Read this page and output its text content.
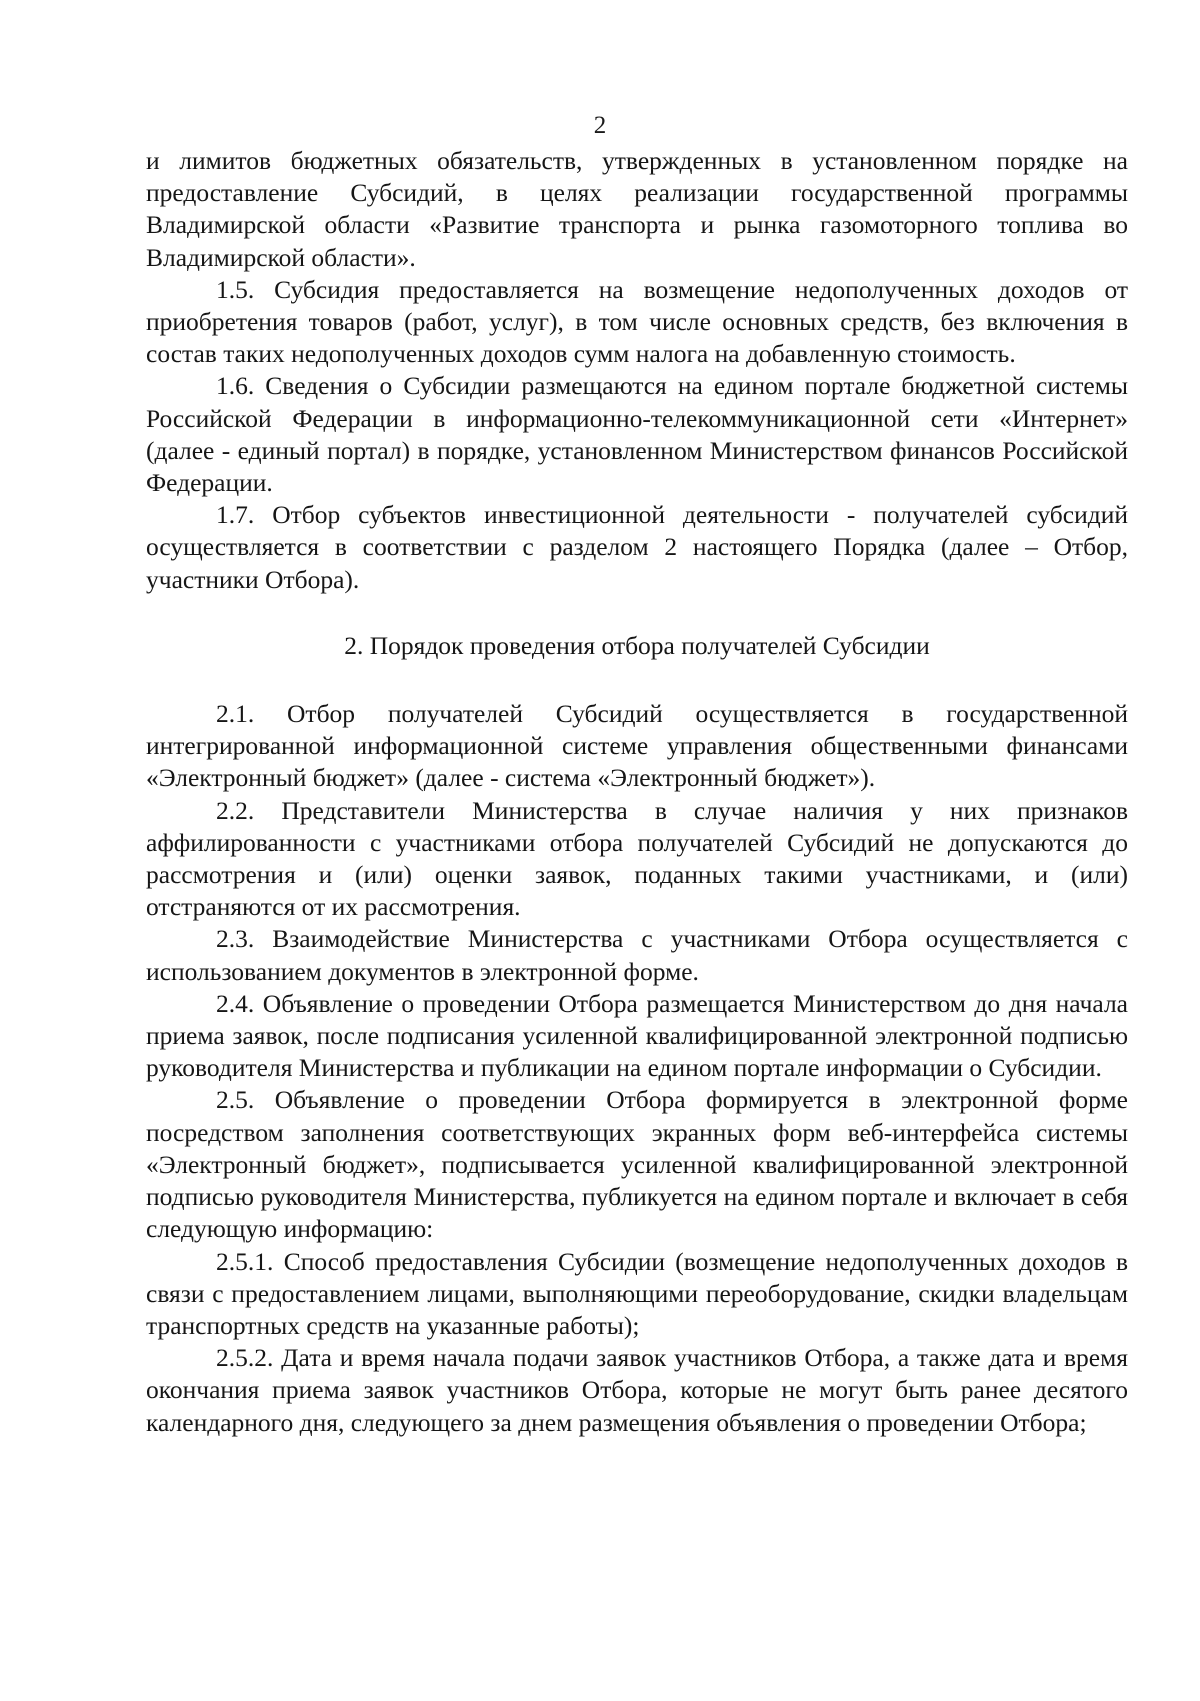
2

и лимитов бюджетных обязательств, утвержденных в установленном порядке на предоставление Субсидий, в целях реализации государственной программы Владимирской области «Развитие транспорта и рынка газомоторного топлива во Владимирской области».

1.5. Субсидия предоставляется на возмещение недополученных доходов от приобретения товаров (работ, услуг), в том числе основных средств, без включения в состав таких недополученных доходов сумм налога на добавленную стоимость.

1.6. Сведения о Субсидии размещаются на едином портале бюджетной системы Российской Федерации в информационно-телекоммуникационной сети «Интернет» (далее - единый портал) в порядке, установленном Министерством финансов Российской Федерации.

1.7. Отбор субъектов инвестиционной деятельности - получателей субсидий осуществляется в соответствии с разделом 2 настоящего Порядка (далее – Отбор, участники Отбора).

2. Порядок проведения отбора получателей Субсидии

2.1. Отбор получателей Субсидий осуществляется в государственной интегрированной информационной системе управления общественными финансами «Электронный бюджет» (далее - система «Электронный бюджет»).

2.2. Представители Министерства в случае наличия у них признаков аффилированности с участниками отбора получателей Субсидий не допускаются до рассмотрения и (или) оценки заявок, поданных такими участниками, и (или) отстраняются от их рассмотрения.

2.3. Взаимодействие Министерства с участниками Отбора осуществляется с использованием документов в электронной форме.

2.4. Объявление о проведении Отбора размещается Министерством до дня начала приема заявок, после подписания усиленной квалифицированной электронной подписью руководителя Министерства и публикации на едином портале информации о Субсидии.

2.5. Объявление о проведении Отбора формируется в электронной форме посредством заполнения соответствующих экранных форм веб-интерфейса системы «Электронный бюджет», подписывается усиленной квалифицированной электронной подписью руководителя Министерства, публикуется на едином портале и включает в себя следующую информацию:

2.5.1. Способ предоставления Субсидии (возмещение недополученных доходов в связи с предоставлением лицами, выполняющими переоборудование, скидки владельцам транспортных средств на указанные работы);

2.5.2. Дата и время начала подачи заявок участников Отбора, а также дата и время окончания приема заявок участников Отбора, которые не могут быть ранее десятого календарного дня, следующего за днем размещения объявления о проведении Отбора;
